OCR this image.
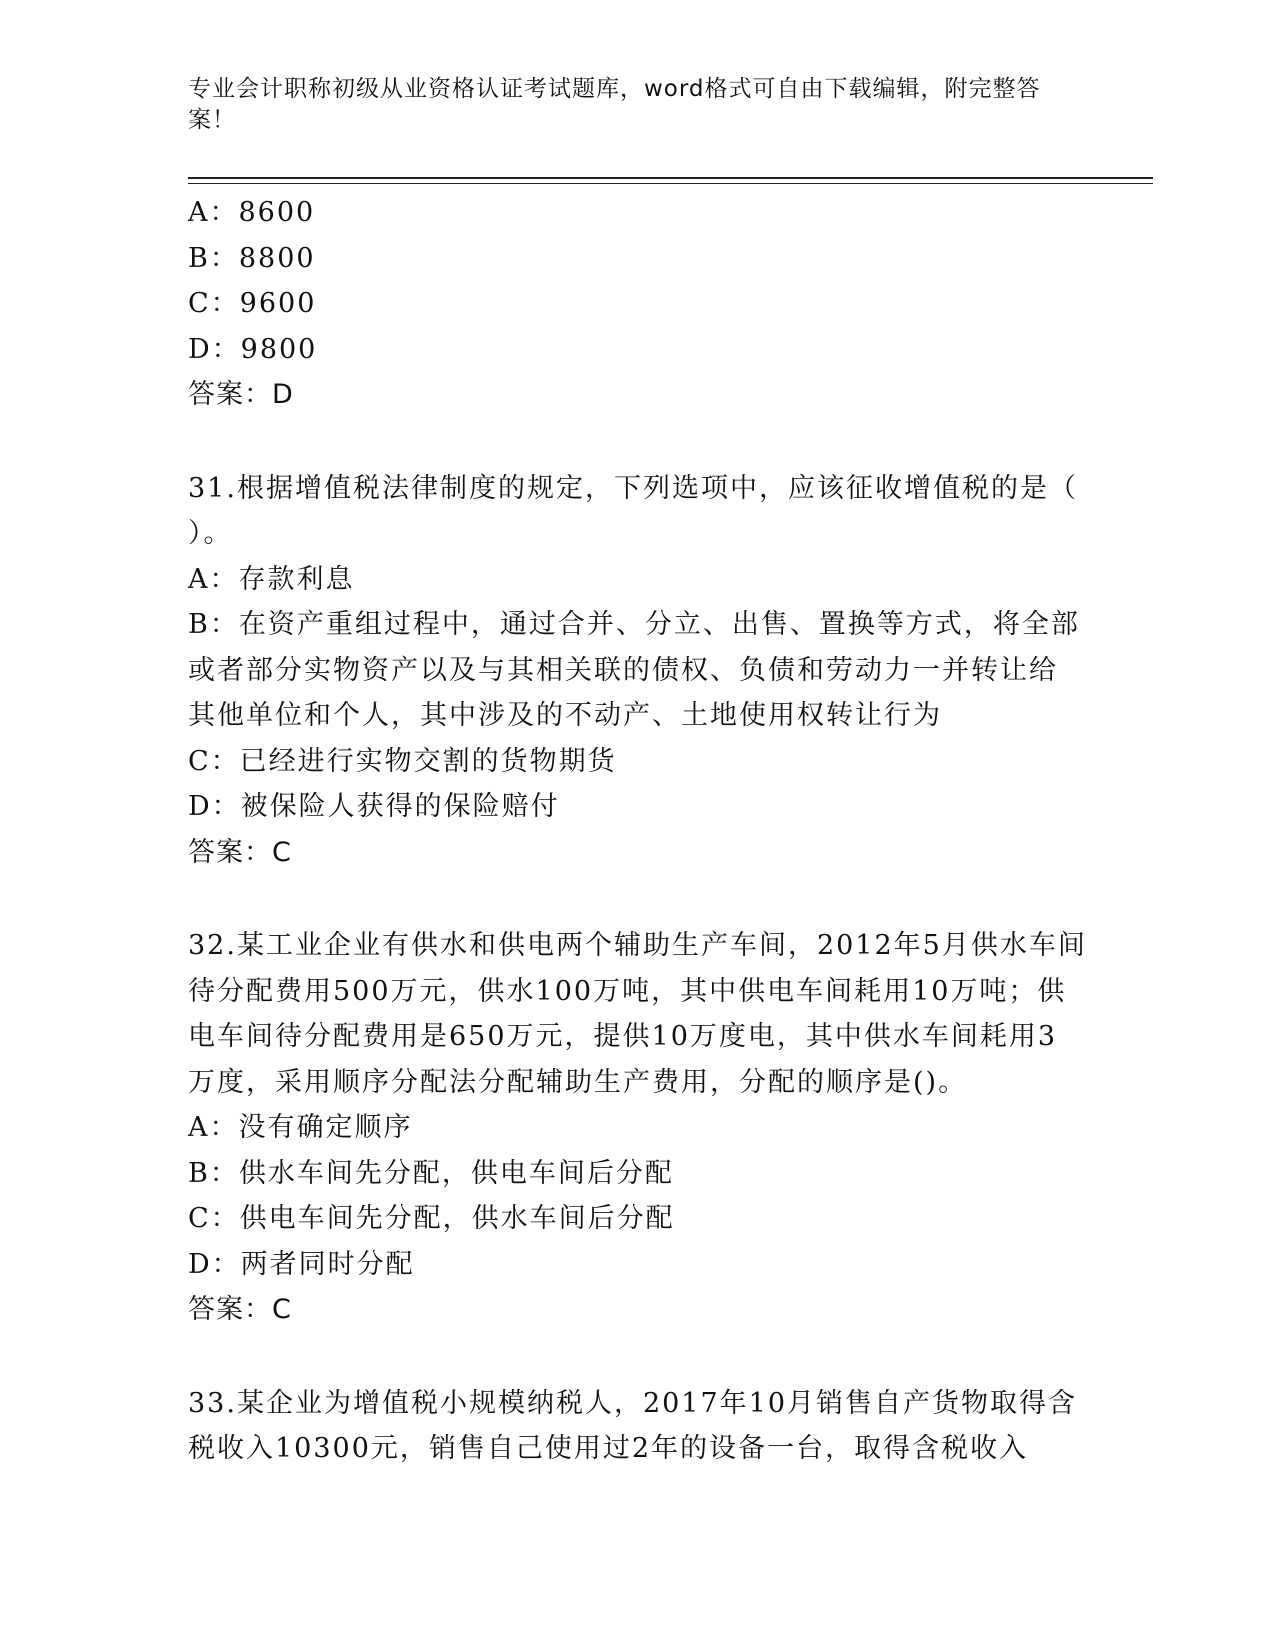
专业会计职称初级从业资格认证考试题库，word格式可自由下载编辑，附完整答案！
A：8600
B：8800
C：9600
D：9800
答案：D
31.根据增值税法律制度的规定，下列选项中，应该征收增值税的是（
）。
A：存款利息
B：在资产重组过程中，通过合并、分立、出售、置换等方式，将全部
或者部分实物资产以及与其相关联的债权、负债和劳动力一并转让给
其他单位和个人，其中涉及的不动产、土地使用权转让行为
C：已经进行实物交割的货物期货
D：被保险人获得的保险赔付
答案：C
32.某工业企业有供水和供电两个辅助生产车间，2012年5月供水车间
待分配费用500万元，供水100万吨，其中供电车间耗用10万吨；供
电车间待分配费用是650万元，提供10万度电，其中供水车间耗用3
万度，采用顺序分配法分配辅助生产费用，分配的顺序是()。
A：没有确定顺序
B：供水车间先分配，供电车间后分配
C：供电车间先分配，供水车间后分配
D：两者同时分配
答案：C
33.某企业为增值税小规模纳税人，2017年10月销售自产货物取得含
税收入10300元，销售自己使用过2年的设备一台，取得含税收入
